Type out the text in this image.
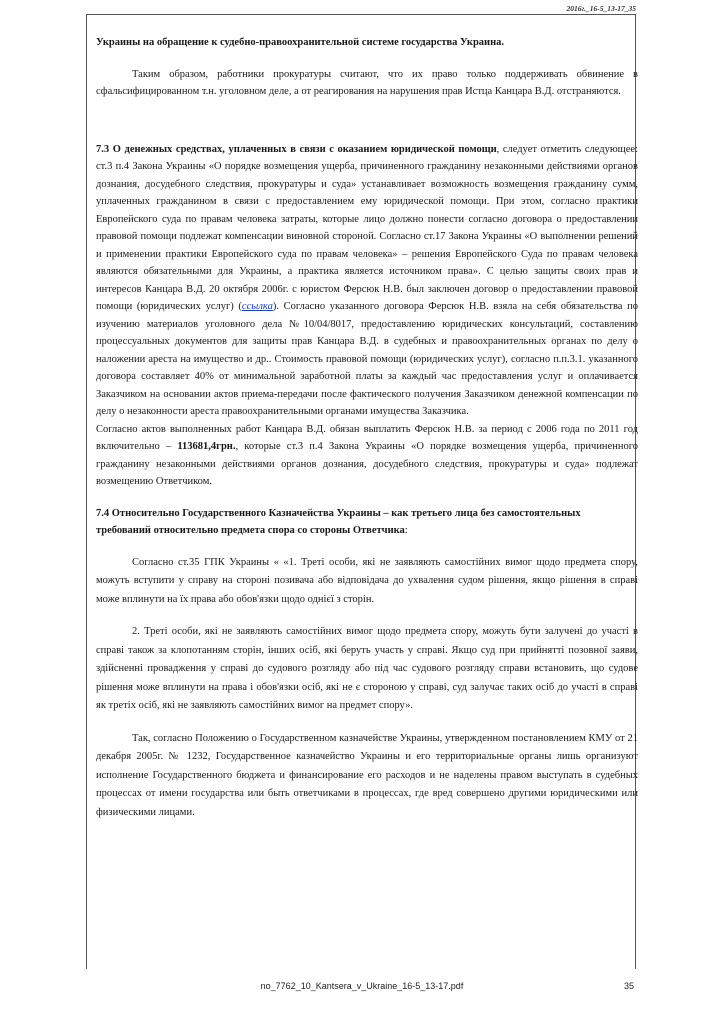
2016г._16-5_13-17_35

Украины на обращение к судебно-правоохранительной системе государства Украина.

Таким образом, работники прокуратуры считают, что их право только поддерживать обвинение в сфальсифицированном т.н. уголовном деле, а от реагирования на нарушения прав Истца Канцара В.Д. отстраняются.

7.3 О денежных средствах, уплаченных в связи с оказанием юридической помощи, следует отметить следующее: ст.3 п.4 Закона Украины «О порядке возмещения ущерба, причиненного гражданину незаконными действиями органов дознания, досудебного следствия, прокуратуры и суда» устанавливает возможность возмещения гражданину сумм, уплаченных гражданином в связи с предоставлением ему юридической помощи. При этом, согласно практики Европейского суда по правам человека затраты, которые лицо должно понести согласно договора о предоставлении правовой помощи подлежат компенсации виновной стороной. Согласно ст.17 Закона Украины «О выполнении решений и применении практики Европейского суда по правам человека» – решения Европейского Суда по правам человека являются обязательными для Украины, а практика является источником права». С целью защиты своих прав и интересов Канцара В.Д. 20 октября 2006г. с юристом Ферсюк Н.В. был заключен договор о предоставлении правовой помощи (юридических услуг) (ссылка). Согласно указанного договора Ферсюк Н.В. взяла на себя обязательства по изучению материалов уголовного дела №10/04/8017, предоставлению юридических консультаций, составлению процессуальных документов для защиты прав Канцара В.Д. в судебных и правоохранительных органах по делу о наложении ареста на имущество и др.. Стоимость правовой помощи (юридических услуг), согласно п.п.3.1. указанного договора составляет 40% от минимальной заработной платы за каждый час предоставления услуг и оплачивается Заказчиком на основании актов приема-передачи после фактического получения Заказчиком денежной компенсации по делу о незаконности ареста правоохранительными органами имущества Заказчика.

Согласно актов выполненных работ Канцара В.Д. обязан выплатить Ферсюк Н.В. за период с 2006 года по 2011 год включительно – 113681,4грн., которые ст.3 п.4 Закона Украины «О порядке возмещения ущерба, причиненного гражданину незаконными действиями органов дознания, досудебного следствия, прокуратуры и суда» подлежат возмещению Ответчиком.

7.4 Относительно Государственного Казначейства Украины – как третьего лица без самостоятельных требований относительно предмета спора со стороны Ответчика:

Согласно ст.35 ГПК Украины « «1. Треті особи, які не заявляють самостійних вимог щодо предмета спору, можуть вступити у справу на стороні позивача або відповідача до ухвалення судом рішення, якщо рішення в справі може вплинути на їх права або обов'язки щодо однієї з сторін.

2. Треті особи, які не заявляють самостійних вимог щодо предмета спору, можуть бути залучені до участі в справі також за клопотанням сторін, інших осіб, які беруть участь у справі. Якщо суд при прийнятті позовної заяви, здійсненні провадження у справі до судового розгляду або під час судового розгляду справи встановить, що судове рішення може вплинути на права і обов'язки осіб, які не є стороною у справі, суд залучає таких осіб до участі в справі як третіх осіб, які не заявляють самостійних вимог на предмет спору».

Так, согласно Положению о Государственном казначействе Украины, утвержденном постановлением КМУ от 21 декабря 2005г. № 1232, Государственное казначейство Украины и его территориальные органы лишь организуют исполнение Государственного бюджета и финансирование его расходов и не наделены правом выступать в судебных процессах от имени государства или быть ответчиками в процессах, где вред совершено другими юридическими или физическими лицами.

no_7762_10_Kantsera_v_Ukraine_16-5_13-17.pdf	35
